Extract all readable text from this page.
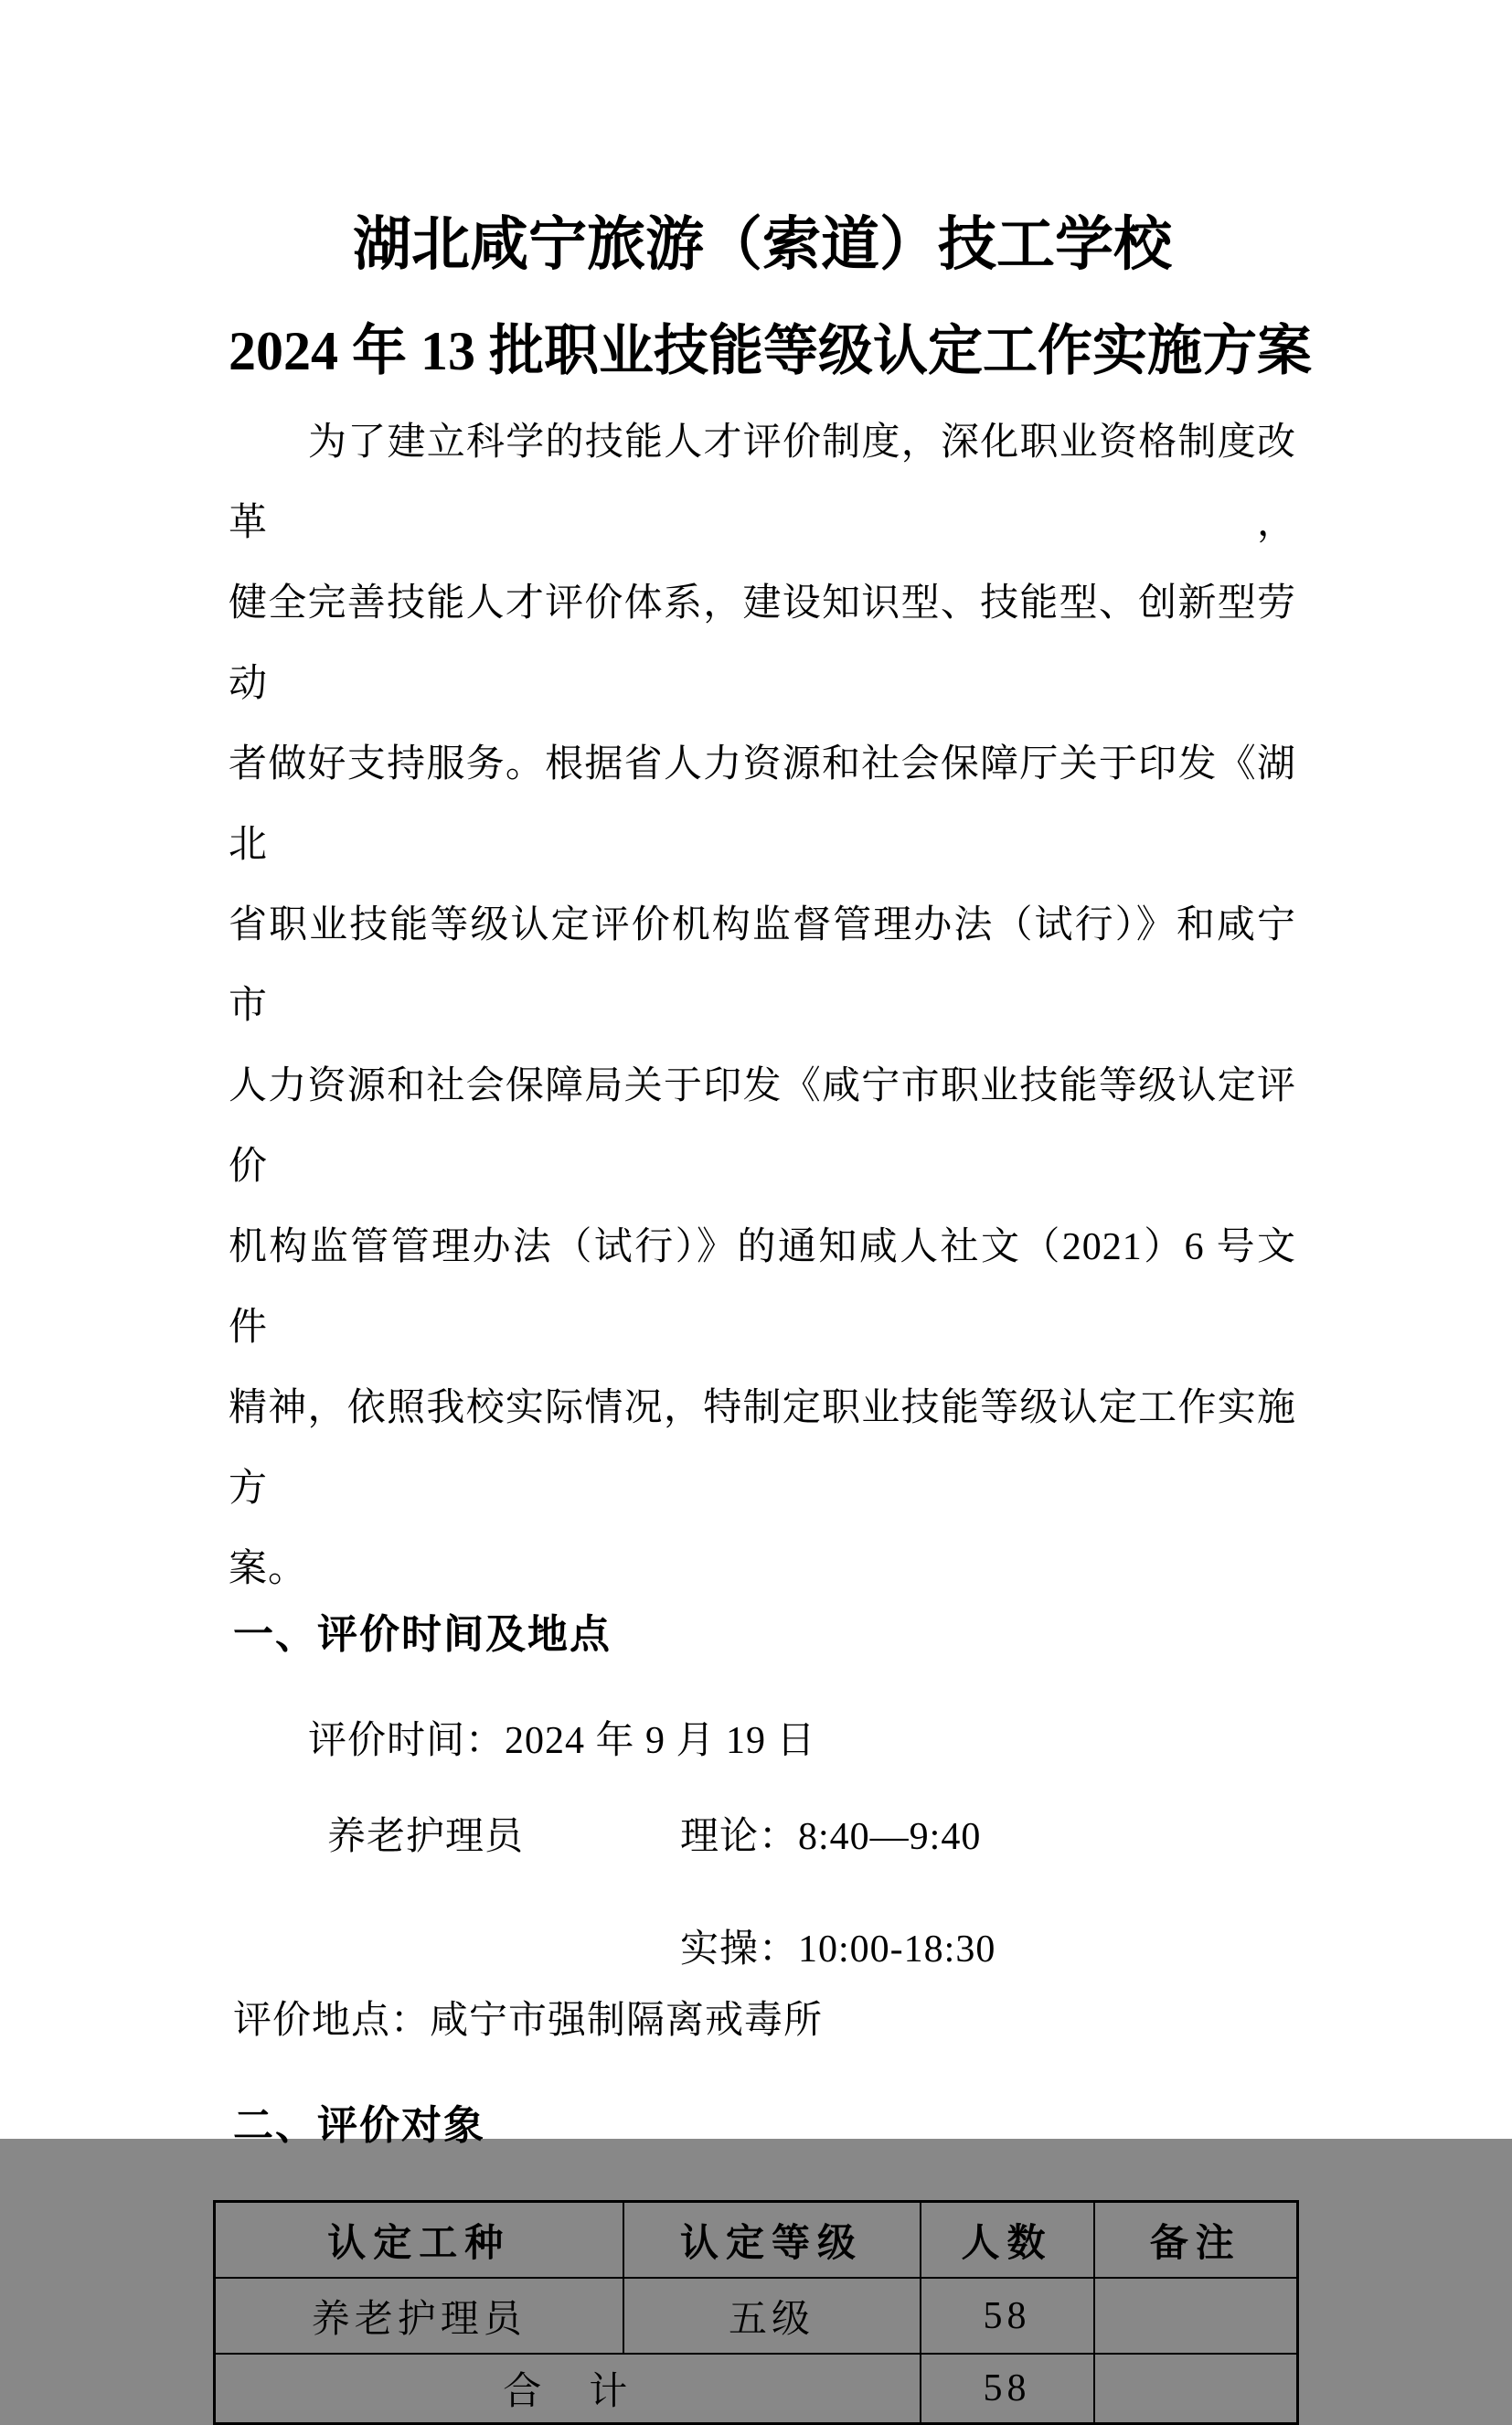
湖北咸宁旅游（索道）技工学校
2024 年 13 批职业技能等级认定工作实施方案
为了建立科学的技能人才评价制度，深化职业资格制度改革，
健全完善技能人才评价体系，建设知识型、技能型、创新型劳动
者做好支持服务。根据省人力资源和社会保障厅关于印发《湖北
省职业技能等级认定评价机构监督管理办法（试行）》和咸宁市
人力资源和社会保障局关于印发《咸宁市职业技能等级认定评价
机构监管管理办法（试行）》的通知咸人社文（2021）6 号文件
精神，依照我校实际情况，特制定职业技能等级认定工作实施方
案。
一、评价时间及地点
评价时间：2024 年 9 月 19 日
养老护理员	理论：8:40—9:40
实操：10:00-18:30
评价地点：咸宁市强制隔离戒毒所
二、评价对象
认定工种	认定等级	人数	备注
养老护理员	五级	58	
合　计		58	
